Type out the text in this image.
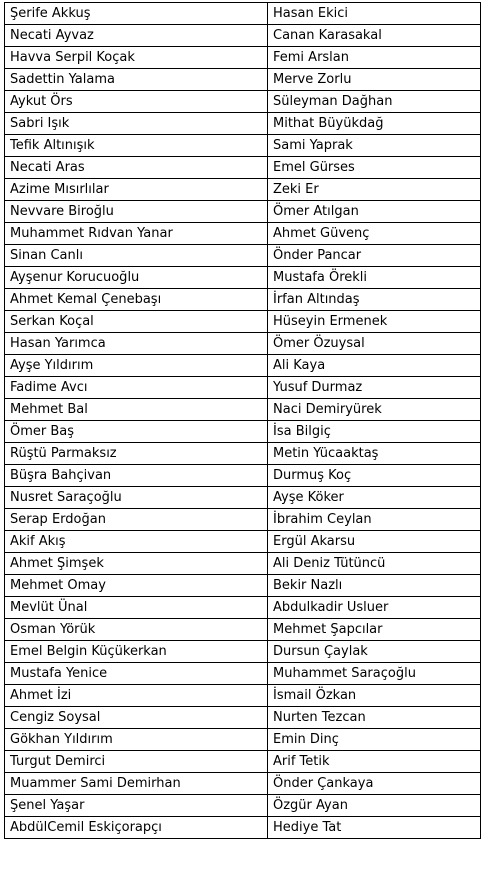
Şerife Akkuş	Hasan Ekici
Necati Ayvaz	Canan Karasakal
Havva Serpil Koçak	Femi Arslan
Sadettin Yalama	Merve Zorlu
Aykut Örs	Süleyman Dağhan
Sabri Işık	Mithat Büyükdağ
Tefik Altınışık	Sami Yaprak
Necati Aras	Emel Gürses
Azime Mısırlılar	Zeki Er
Nevvare Biroğlu	Ömer Atılgan
Muhammet Rıdvan Yanar	Ahmet Güvenç
Sinan Canlı	Önder Pancar
Ayşenur Korucuoğlu	Mustafa Örekli
Ahmet Kemal Çenebaşı	İrfan Altındaş
Serkan Koçal	Hüseyin Ermenek
Hasan Yarımca	Ömer Özuysal
Ayşe Yıldırım	Ali Kaya
Fadime Avcı	Yusuf Durmaz
Mehmet Bal	Naci Demiryürek
Ömer Baş	İsa Bilgiç
Rüştü Parmaksız	Metin Yücaaktaş
Büşra Bahçivan	Durmuş Koç
Nusret Saraçoğlu	Ayşe Köker
Serap Erdoğan	İbrahim Ceylan
Akif Akış	Ergül Akarsu
Ahmet Şimşek	Ali Deniz Tütüncü
Mehmet Omay	Bekir Nazlı
Mevlüt Ünal	Abdulkadir Usluer
Osman Yörük	Mehmet Şapcılar
Emel Belgin Küçükerkan	Dursun Çaylak
Mustafa Yenice	Muhammet Saraçoğlu
Ahmet İzi	İsmail Özkan
Cengiz Soysal	Nurten Tezcan
Gökhan Yıldırım	Emin Dinç
Turgut Demirci	Arif Tetik
Muammer Sami Demirhan	Önder Çankaya
Şenel Yaşar	Özgür Ayan
AbdülCemil Eskiçorapçı	Hediye Tat
